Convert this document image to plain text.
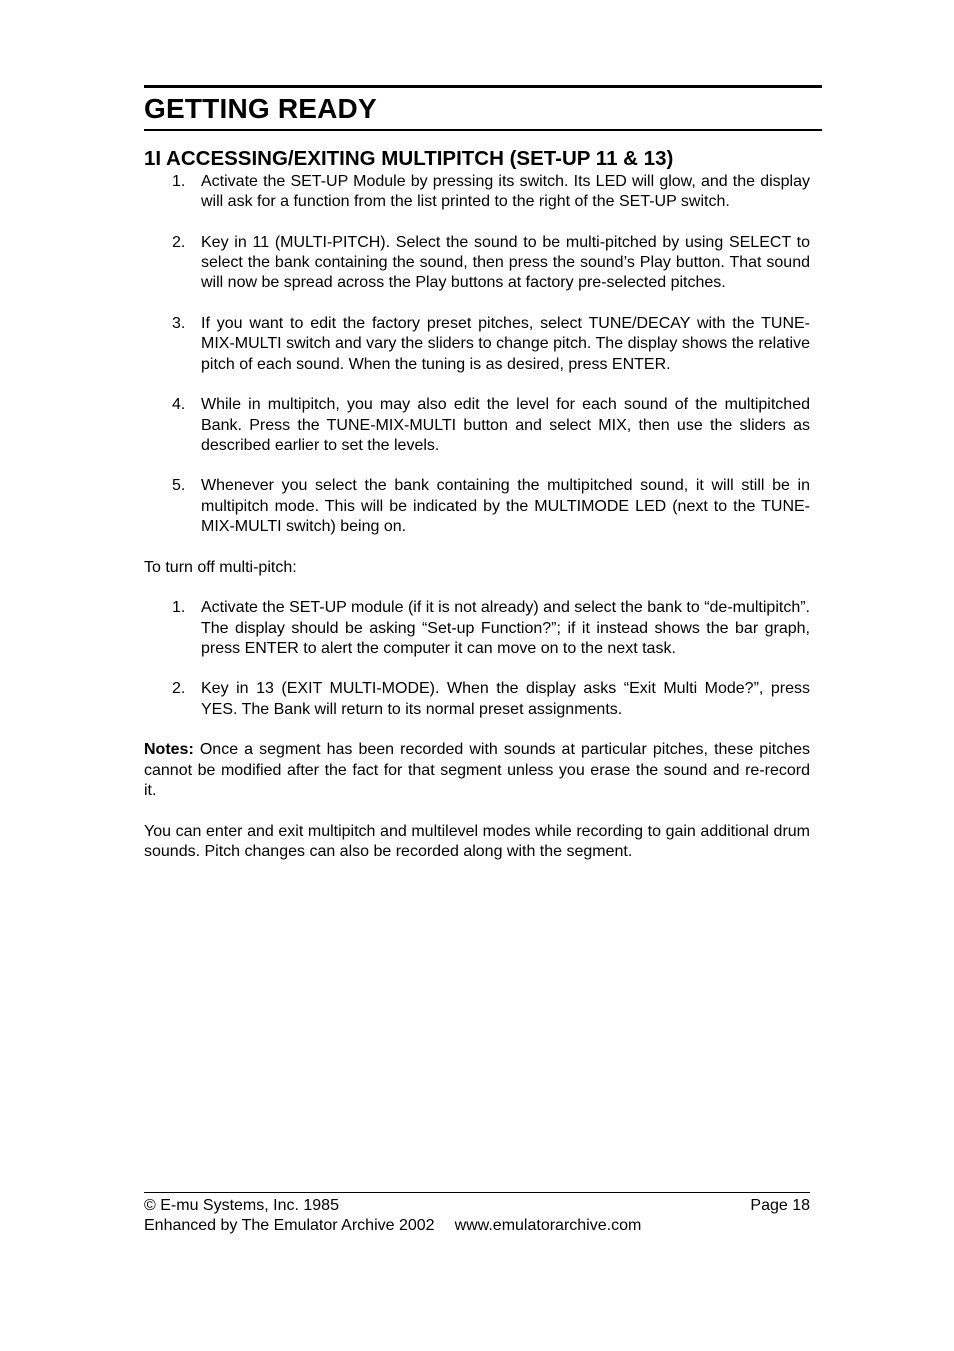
GETTING READY
1I ACCESSING/EXITING MULTIPITCH (SET-UP 11 & 13)
1. Activate the SET-UP Module by pressing its switch. Its LED will glow, and the display will ask for a function from the list printed to the right of the SET-UP switch.
2. Key in 11 (MULTI-PITCH). Select the sound to be multi-pitched by using SELECT to select the bank containing the sound, then press the sound’s Play button. That sound will now be spread across the Play buttons at factory pre-selected pitches.
3. If you want to edit the factory preset pitches, select TUNE/DECAY with the TUNE-MIX-MULTI switch and vary the sliders to change pitch. The display shows the relative pitch of each sound. When the tuning is as desired, press ENTER.
4. While in multipitch, you may also edit the level for each sound of the multipitched Bank. Press the TUNE-MIX-MULTI button and select MIX, then use the sliders as described earlier to set the levels.
5. Whenever you select the bank containing the multipitched sound, it will still be in multipitch mode. This will be indicated by the MULTIMODE LED (next to the TUNE-MIX-MULTI switch) being on.

To turn off multi-pitch:

1. Activate the SET-UP module (if it is not already) and select the bank to “de-multipitch”. The display should be asking “Set-up Function?”; if it instead shows the bar graph, press ENTER to alert the computer it can move on to the next task.
2. Key in 13 (EXIT MULTI-MODE). When the display asks “Exit Multi Mode?”, press YES. The Bank will return to its normal preset assignments.

Notes: Once a segment has been recorded with sounds at particular pitches, these pitches cannot be modified after the fact for that segment unless you erase the sound and re-record it.

You can enter and exit multipitch and multilevel modes while recording to gain additional drum sounds. Pitch changes can also be recorded along with the segment.

© E-mu Systems, Inc. 1985	Page 18
Enhanced by The Emulator Archive 2002 www.emulatorarchive.com
